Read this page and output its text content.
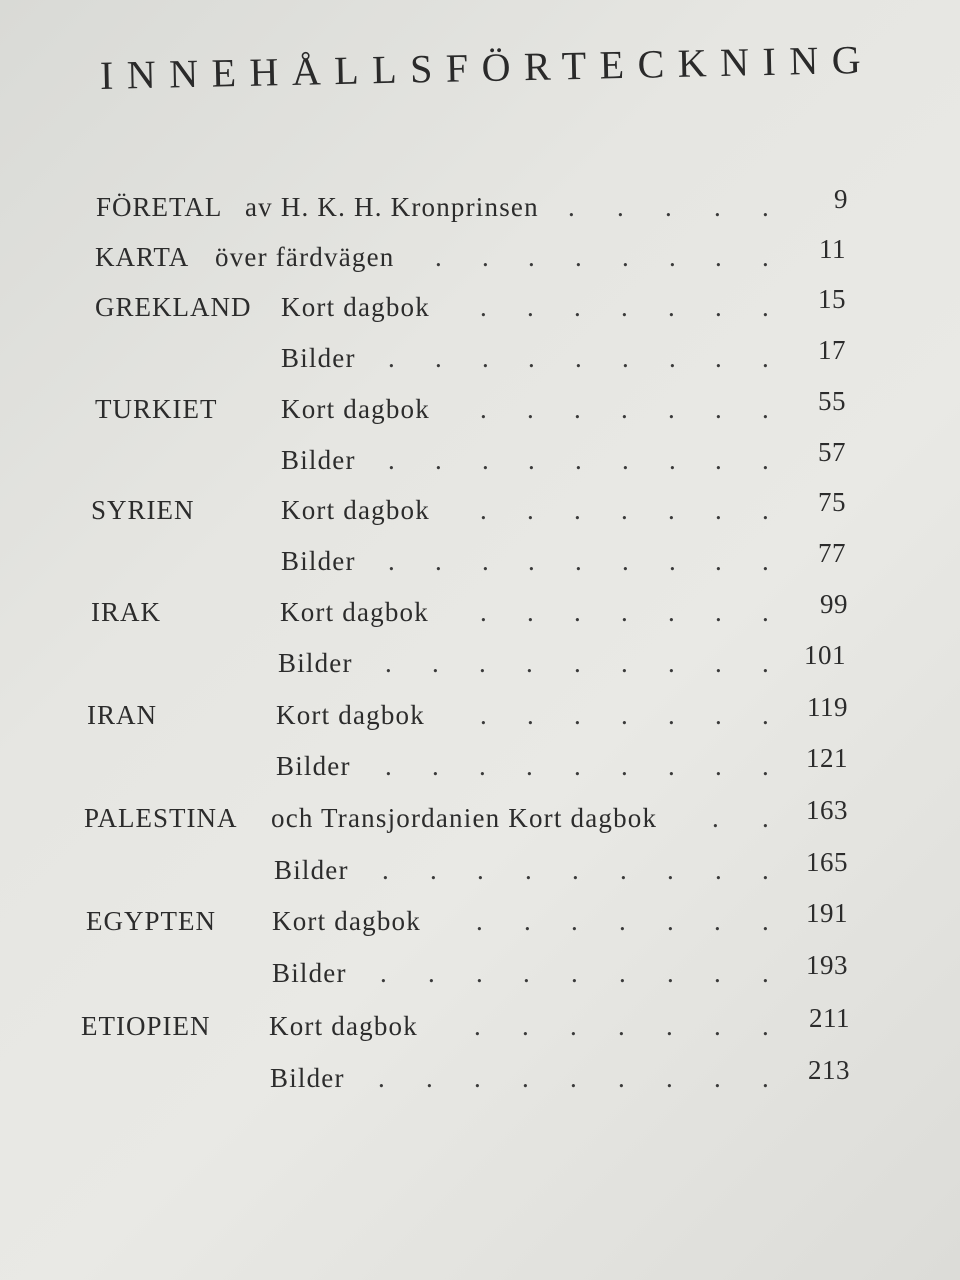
INNEHÅLLSFÖRTECKNING
FÖRETAL av H. K. H. Kronprinsen . . . . .	9
KARTA över färdvägen . . . . . . . .	11
GREKLAND Kort dagbok . . . . . . .	15
Bilder . . . . . . . . .	17
TURKIET Kort dagbok . . . . . . .	55
Bilder . . . . . . . . .	57
SYRIEN	Kort dagbok . . . . . . .	75
Bilder . . . . . . . . .	77
IRAK	Kort dagbok . . . . . . .	99
Bilder . . . . . . . . .	101
IRAN	Kort dagbok . . . . . . .	119
Bilder . . . . . . . . .	121
PALESTINA och Transjordanien Kort dagbok . .	163
Bilder . . . . . . . . .	165
EGYPTEN Kort dagbok . . . . . . .	191
Bilder . . . . . . . . .	193
ETIOPIEN Kort dagbok . . . . . . .	211
Bilder . . . . . . . . .	213
